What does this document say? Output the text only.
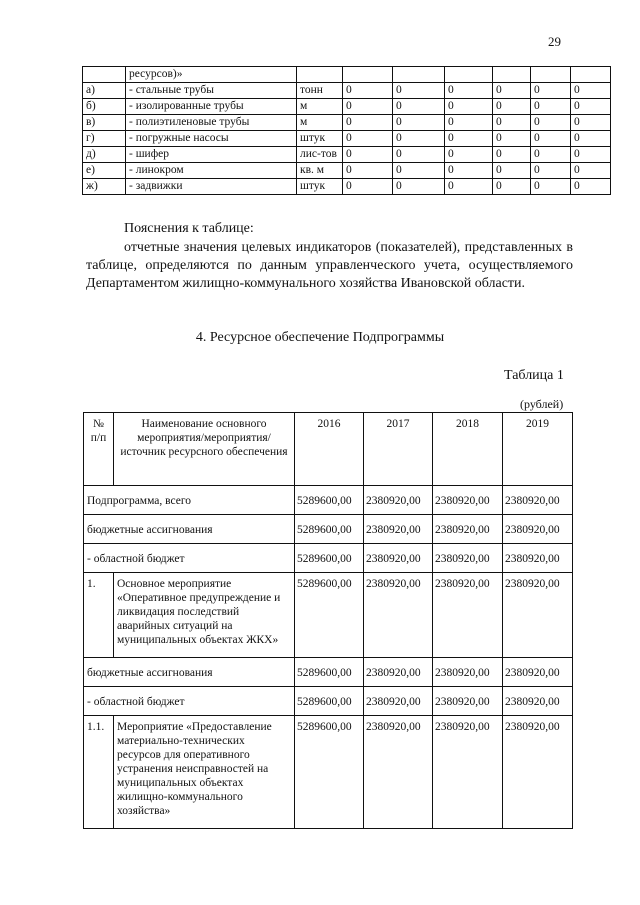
29
	ресурсов)»							
а)	- стальные трубы	тонн	0	0	0	0	0	0
б)	- изолированные трубы	м	0	0	0	0	0	0
в)	- полиэтиленовые трубы	м	0	0	0	0	0	0
г)	- погружные насосы	штук	0	0	0	0	0	0
д)	- шифер	лис-тов	0	0	0	0	0	0
е)	- линокром	кв. м	0	0	0	0	0	0
ж)	- задвижки	штук	0	0	0	0	0	0
Пояснения к таблице:

отчетные значения целевых индикаторов (показателей), представленных в таблице, определяются по данным управленческого учета, осуществляемого Департаментом жилищно-коммунального хозяйства Ивановской области.

4. Ресурсное обеспечение Подпрограммы
Таблица 1
(рублей)
№ п/п	Наименование основного мероприятия/мероприятия/ источник ресурсного обеспечения	2016	2017	2018	2019
Подпрограмма, всего		5289600,00	2380920,00	2380920,00	2380920,00
бюджетные ассигнования		5289600,00	2380920,00	2380920,00	2380920,00
- областной бюджет		5289600,00	2380920,00	2380920,00	2380920,00
1.	Основное мероприятие «Оперативное предупреждение и ликвидация последствий аварийных ситуаций на муниципальных объектах ЖКХ»	5289600,00	2380920,00	2380920,00	2380920,00
бюджетные ассигнования		5289600,00	2380920,00	2380920,00	2380920,00
- областной бюджет		5289600,00	2380920,00	2380920,00	2380920,00
1.1.	Мероприятие «Предоставление материально-технических ресурсов для оперативного устранения неисправностей на муниципальных объектах жилищно-коммунального хозяйства»	5289600,00	2380920,00	2380920,00	2380920,00
